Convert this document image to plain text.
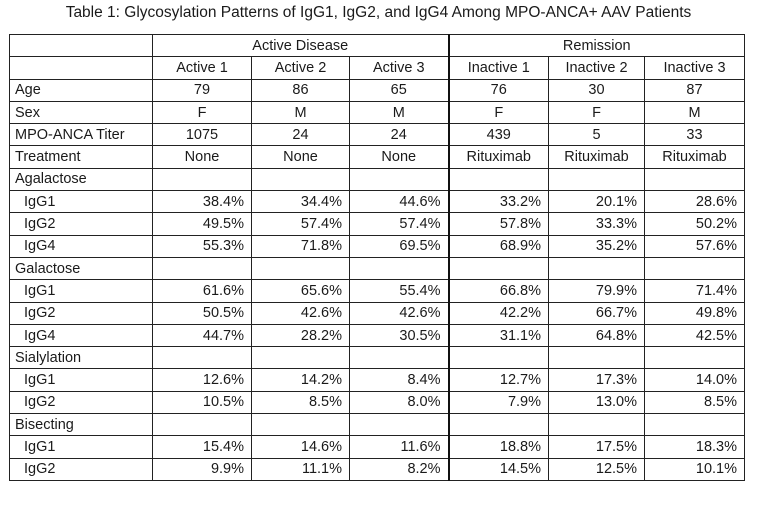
Table 1: Glycosylation Patterns of IgG1, IgG2, and IgG4 Among MPO-ANCA+ AAV Patients
	Active Disease			Remission		
	Active 1	Active 2	Active 3	Inactive 1	Inactive 2	Inactive 3
Age	79	86	65	76	30	87
Sex	F	M	M	F	F	M
MPO-ANCA Titer	1075	24	24	439	5	33
Treatment	None	None	None	Rituximab	Rituximab	Rituximab
Agalactose						
IgG1	38.4%	34.4%	44.6%	33.2%	20.1%	28.6%
IgG2	49.5%	57.4%	57.4%	57.8%	33.3%	50.2%
IgG4	55.3%	71.8%	69.5%	68.9%	35.2%	57.6%
Galactose						
IgG1	61.6%	65.6%	55.4%	66.8%	79.9%	71.4%
IgG2	50.5%	42.6%	42.6%	42.2%	66.7%	49.8%
IgG4	44.7%	28.2%	30.5%	31.1%	64.8%	42.5%
Sialylation						
IgG1	12.6%	14.2%	8.4%	12.7%	17.3%	14.0%
IgG2	10.5%	8.5%	8.0%	7.9%	13.0%	8.5%
Bisecting						
IgG1	15.4%	14.6%	11.6%	18.8%	17.5%	18.3%
IgG2	9.9%	11.1%	8.2%	14.5%	12.5%	10.1%
